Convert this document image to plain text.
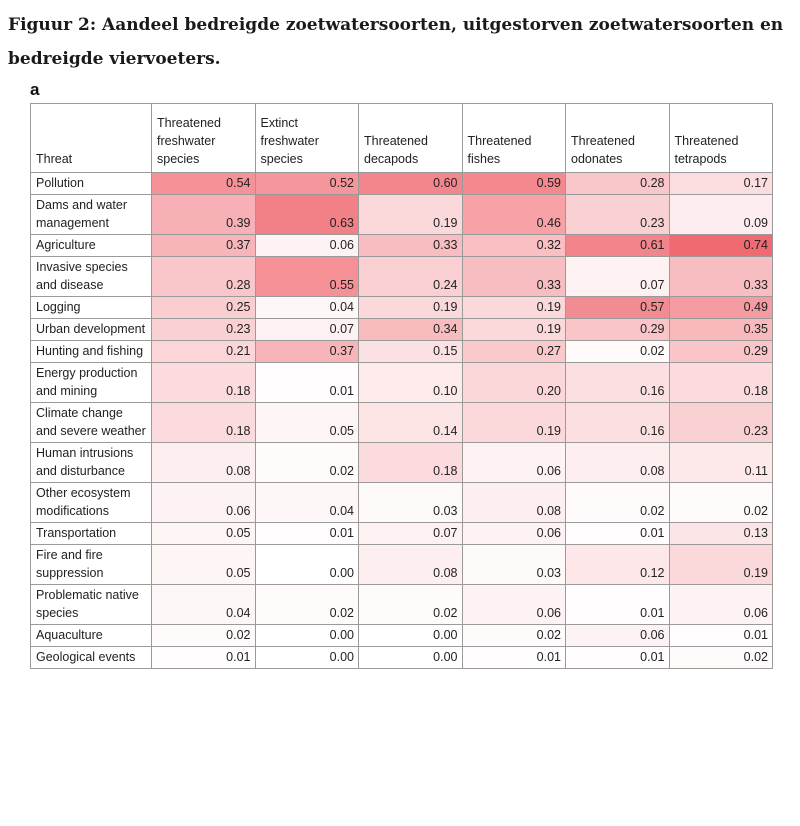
Figuur 2: Aandeel bedreigde zoetwatersoorten, uitgestorven zoetwatersoorten en bedreigde viervoeters.
a
Threat	Threatened freshwater species	Extinct freshwater species	Threatened decapods	Threatened fishes	Threatened odonates	Threatened tetrapods
Pollution	0.54	0.52	0.60	0.59	0.28	0.17
Dams and water management	0.39	0.63	0.19	0.46	0.23	0.09
Agriculture	0.37	0.06	0.33	0.32	0.61	0.74
Invasive species and disease	0.28	0.55	0.24	0.33	0.07	0.33
Logging	0.25	0.04	0.19	0.19	0.57	0.49
Urban development	0.23	0.07	0.34	0.19	0.29	0.35
Hunting and fishing	0.21	0.37	0.15	0.27	0.02	0.29
Energy production and mining	0.18	0.01	0.10	0.20	0.16	0.18
Climate change and severe weather	0.18	0.05	0.14	0.19	0.16	0.23
Human intrusions and disturbance	0.08	0.02	0.18	0.06	0.08	0.11
Other ecosystem modifications	0.06	0.04	0.03	0.08	0.02	0.02
Transportation	0.05	0.01	0.07	0.06	0.01	0.13
Fire and fire suppression	0.05	0.00	0.08	0.03	0.12	0.19
Problematic native species	0.04	0.02	0.02	0.06	0.01	0.06
Aquaculture	0.02	0.00	0.00	0.02	0.06	0.01
Geological events	0.01	0.00	0.00	0.01	0.01	0.02
